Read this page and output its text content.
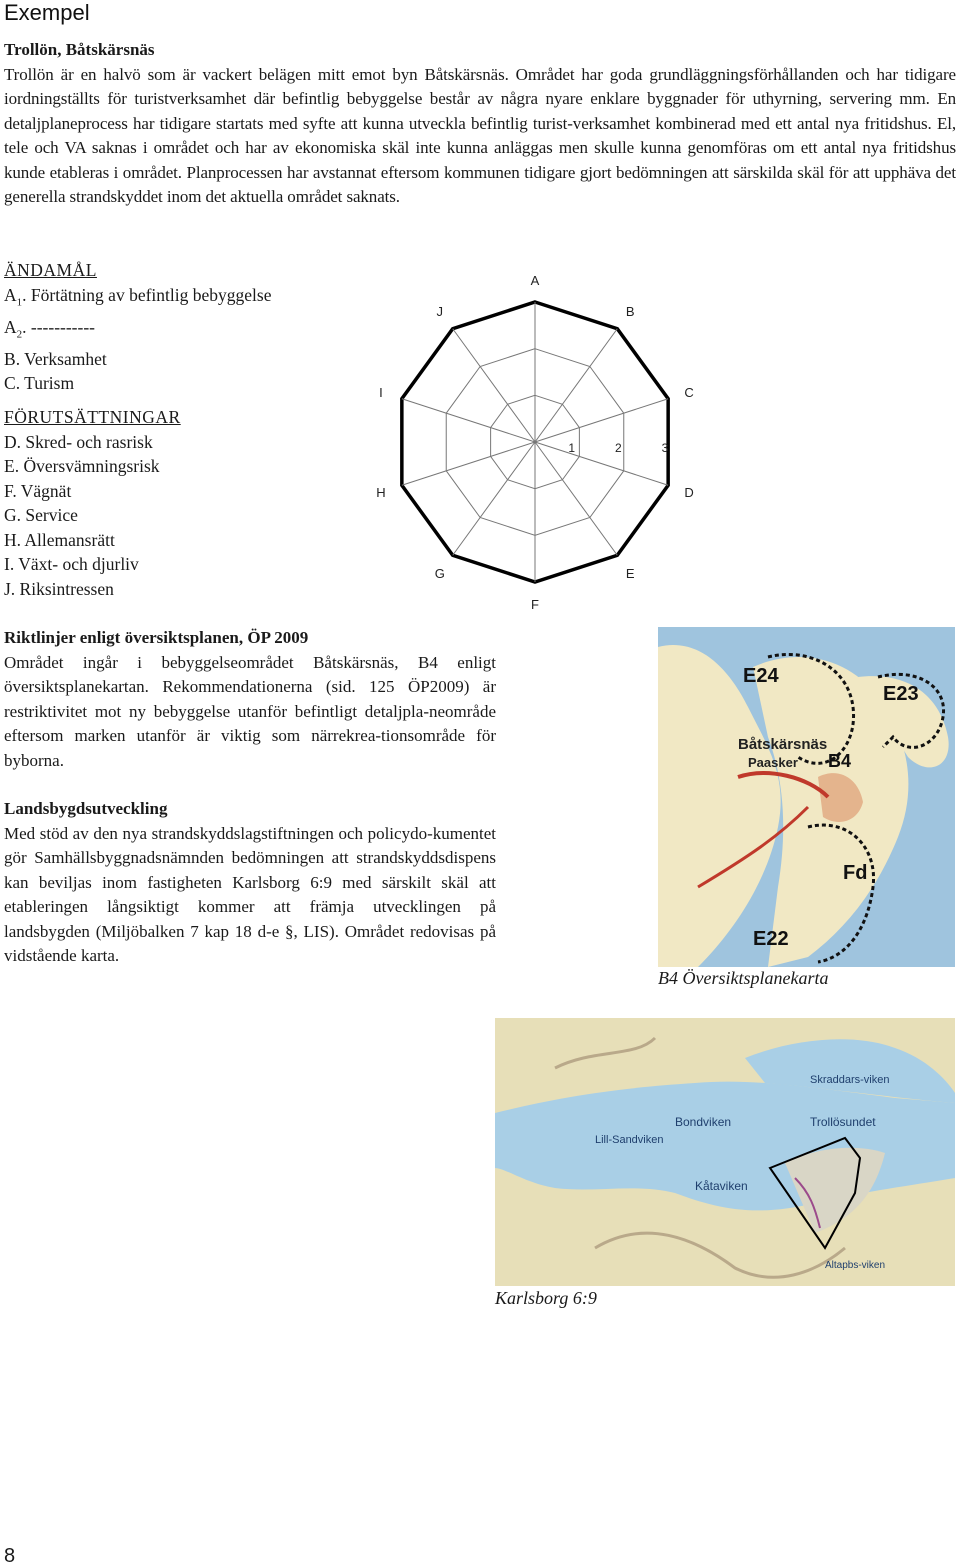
Exempel
Trollön, Båtskärsnäs
Trollön är en halvö som är vackert belägen mitt emot byn Båtskärsnäs. Området har goda grundläggningsförhållanden och har tidigare iordningställts för turistverksamhet där befintlig bebyggelse består av några nyare enklare byggnader för uthyrning, servering mm. En detaljplaneprocess har tidigare startats med syfte att kunna utveckla befintlig turist-verksamhet kombinerad med ett antal nya fritidshus. El, tele och VA saknas i området och har av ekonomiska skäl inte kunna anläggas men skulle kunna genomföras om ett antal nya fritidshus kunde etableras i området. Planprocessen har avstannat eftersom kommunen tidigare gjort bedömningen att särskilda skäl för att upphäva det generella strandskyddet inom det aktuella området saknats.
ÄNDAMÅL
$A_1$. Förtätning av befintlig bebyggelse
$A_2$. -----------
B. Verksamhet
C. Turism
FÖRUTSÄTTNINGAR
D. Skred- och rasrisk
E. Översvämningsrisk
F. Vägnät
G. Service
H. Allemansrätt
I. Växt- och djurliv
J. Riksintressen
A
B
C
D
E
F
G
H
I
J
3
2
1
Riktlinjer enligt översiktsplanen, ÖP 2009
Området ingår i bebyggelseområdet Båtskärsnäs, B4 enligt översiktsplanekartan. Rekommendationerna (sid. 125 ÖP2009) är restriktivitet mot ny bebyggelse utanför befintligt detaljpla-neområde eftersom marken utanför är viktig som närrekrea-tionsområde för byborna.
Landsbygdsutveckling
Med stöd av den nya strandskyddslagstiftningen och policydo-kumentet gör Samhällsbyggnadsnämnden bedömningen att strandskyddsdispens kan beviljas inom fastigheten Karlsborg 6:9 med särskilt skäl att etableringen långsiktigt kommer att främja utvecklingen på landsbygden (Miljöbalken 7 kap 18 d-e §, LIS). Området redovisas på vidstående karta.
E24
E23
B4
Fd
E22
Båtskärsnäs
Paasker
B4 Översiktsplanekarta
Skraddars-viken
Bondviken	Trollösundet
Lill-Sandviken
Kåtaviken
Altapbs-viken
Karlsborg 6:9
8
